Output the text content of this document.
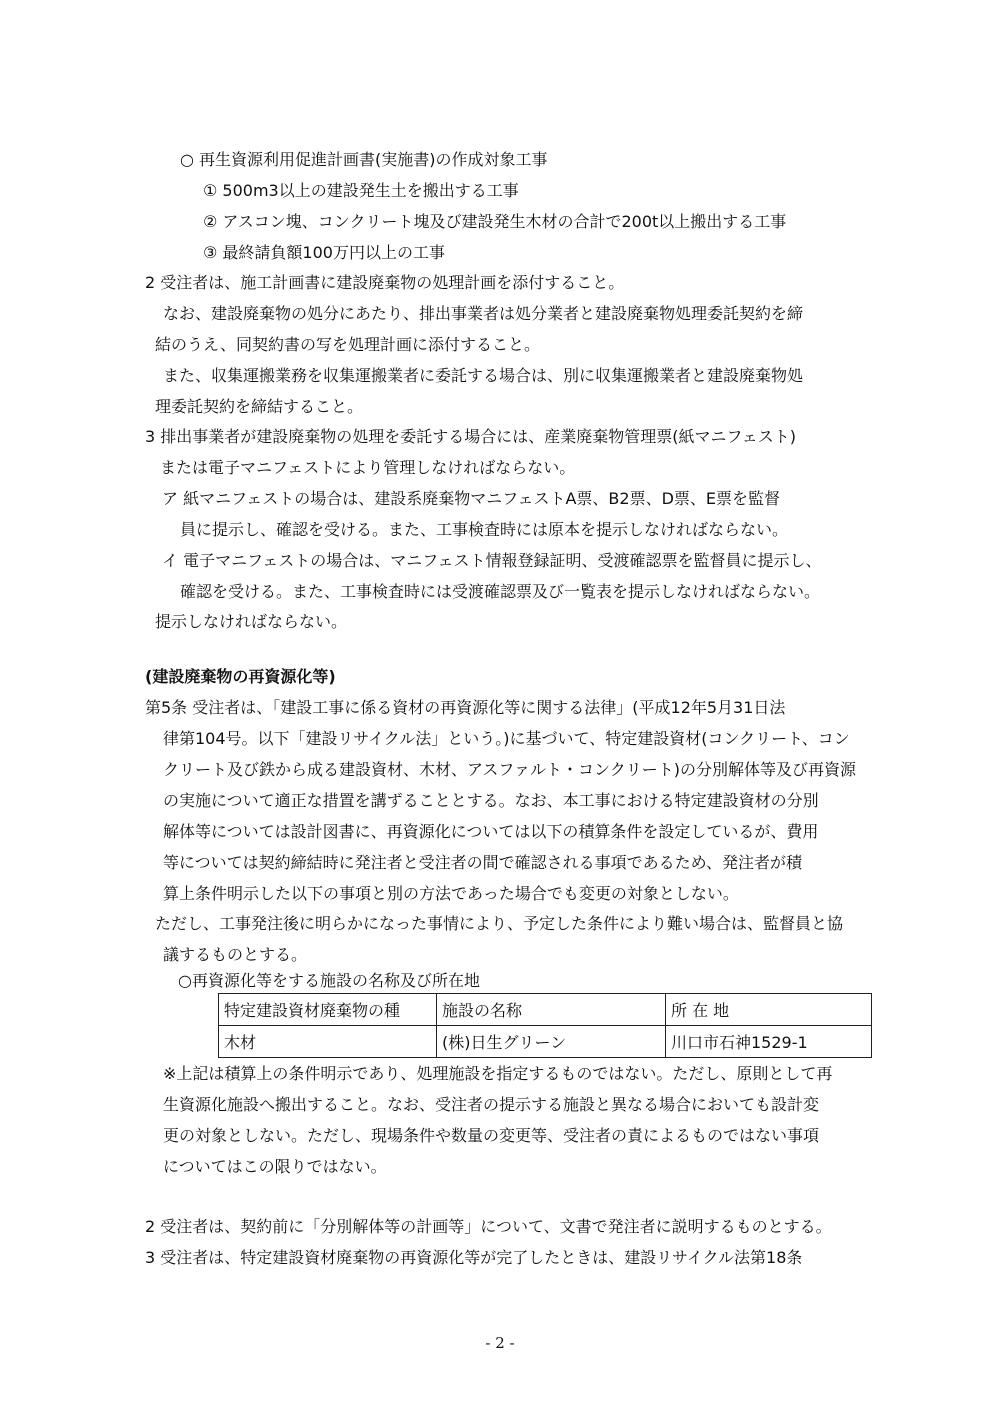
○ 再生資源利用促進計画書(実施書)の作成対象工事
① 500m3以上の建設発生土を搬出する工事
② アスコン塊、コンクリート塊及び建設発生木材の合計で200t以上搬出する工事
③ 最終請負額100万円以上の工事
2 受注者は、施工計画書に建設廃棄物の処理計画を添付すること。
なお、建設廃棄物の処分にあたり、排出事業者は処分業者と建設廃棄物処理委託契約を締
結のうえ、同契約書の写を処理計画に添付すること。
また、収集運搬業務を収集運搬業者に委託する場合は、別に収集運搬業者と建設廃棄物処
理委託契約を締結すること。
3 排出事業者が建設廃棄物の処理を委託する場合には、産業廃棄物管理票(紙マニフェスト)
または電子マニフェストにより管理しなければならない。
ア 紙マニフェストの場合は、建設系廃棄物マニフェストA票、B2票、D票、E票を監督
員に提示し、確認を受ける。また、工事検査時には原本を提示しなければならない。
イ 電子マニフェストの場合は、マニフェスト情報登録証明、受渡確認票を監督員に提示し、
確認を受ける。また、工事検査時には受渡確認票及び一覧表を提示しなければならない。
提示しなければならない。
(建設廃棄物の再資源化等)
第5条 受注者は、「建設工事に係る資材の再資源化等に関する法律」(平成12年5月31日法
律第104号。以下「建設リサイクル法」という。)に基づいて、特定建設資材(コンクリート、コン
クリート及び鉄から成る建設資材、木材、アスファルト・コンクリート)の分別解体等及び再資源
の実施について適正な措置を講ずることとする。なお、本工事における特定建設資材の分別
解体等については設計図書に、再資源化については以下の積算条件を設定しているが、費用
等については契約締結時に発注者と受注者の間で確認される事項であるため、発注者が積
算上条件明示した以下の事項と別の方法であった場合でも変更の対象としない。
ただし、工事発注後に明らかになった事情により、予定した条件により難い場合は、監督員と協
議するものとする。
○再資源化等をする施設の名称及び所在地
特定建設資材廃棄物の種	施設の名称	所 在 地
木材	(株)日生グリーン	川口市石神1529-1
※上記は積算上の条件明示であり、処理施設を指定するものではない。ただし、原則として再
生資源化施設へ搬出すること。なお、受注者の提示する施設と異なる場合においても設計変
更の対象としない。ただし、現場条件や数量の変更等、受注者の責によるものではない事項
についてはこの限りではない。
2 受注者は、契約前に「分別解体等の計画等」について、文書で発注者に説明するものとする。
3 受注者は、特定建設資材廃棄物の再資源化等が完了したときは、建設リサイクル法第18条
- 2 -
